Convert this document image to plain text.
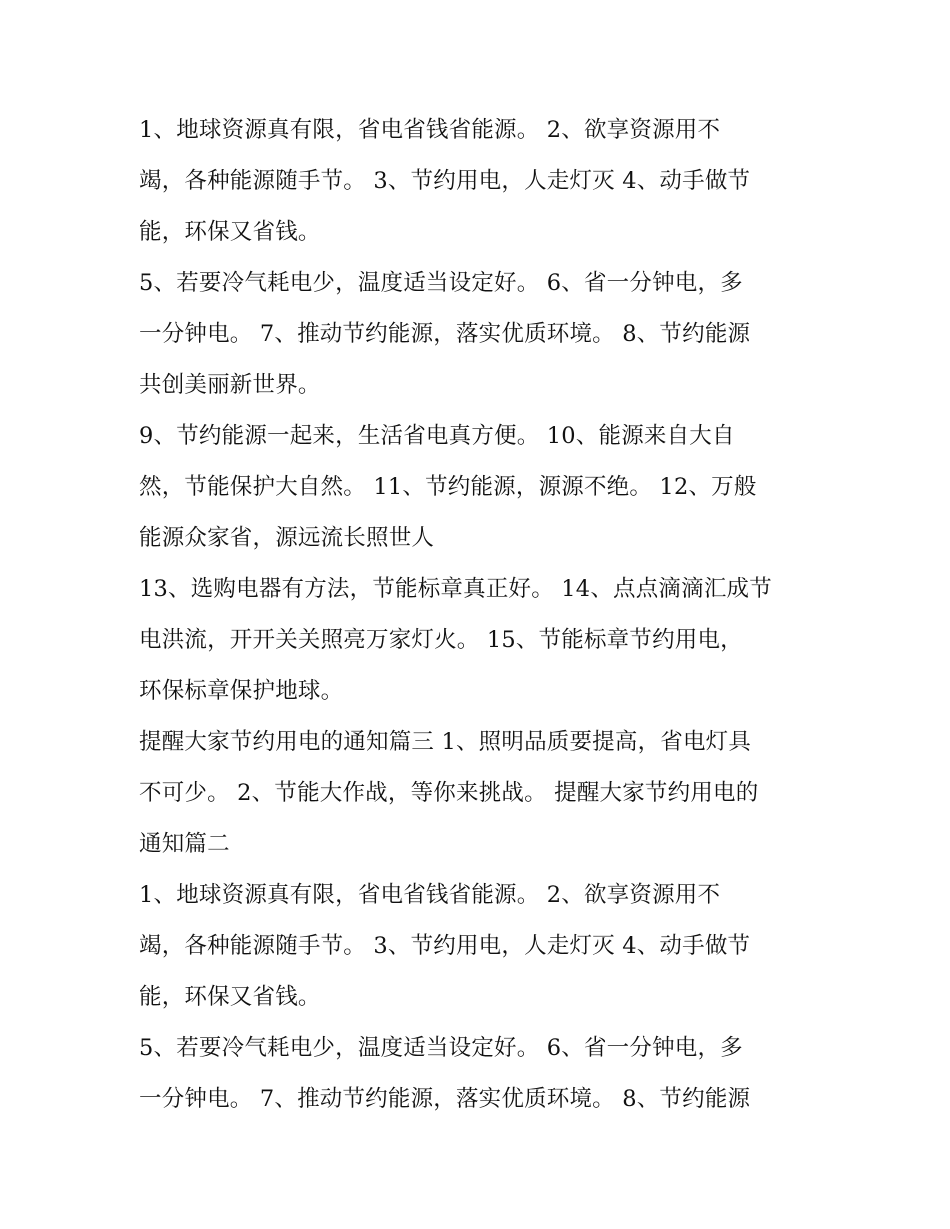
1、地球资源真有限，省电省钱省能源。 2、欲享资源用不
竭，各种能源随手节。 3、节约用电，人走灯灭 4、动手做节
能，环保又省钱。
5、若要冷气耗电少，温度适当设定好。 6、省一分钟电，多
一分钟电。 7、推动节约能源，落实优质环境。 8、节约能源
共创美丽新世界。
9、节约能源一起来，生活省电真方便。 10、能源来自大自
然，节能保护大自然。 11、节约能源，源源不绝。 12、万般
能源众家省，源远流长照世人
13、选购电器有方法，节能标章真正好。 14、点点滴滴汇成节
电洪流，开开关关照亮万家灯火。 15、节能标章节约用电，
环保标章保护地球。
提醒大家节约用电的通知篇三 1、照明品质要提高，省电灯具
不可少。 2、节能大作战，等你来挑战。 提醒大家节约用电的
通知篇二
1、地球资源真有限，省电省钱省能源。 2、欲享资源用不
竭，各种能源随手节。 3、节约用电，人走灯灭 4、动手做节
能，环保又省钱。
5、若要冷气耗电少，温度适当设定好。 6、省一分钟电，多
一分钟电。 7、推动节约能源，落实优质环境。 8、节约能源
